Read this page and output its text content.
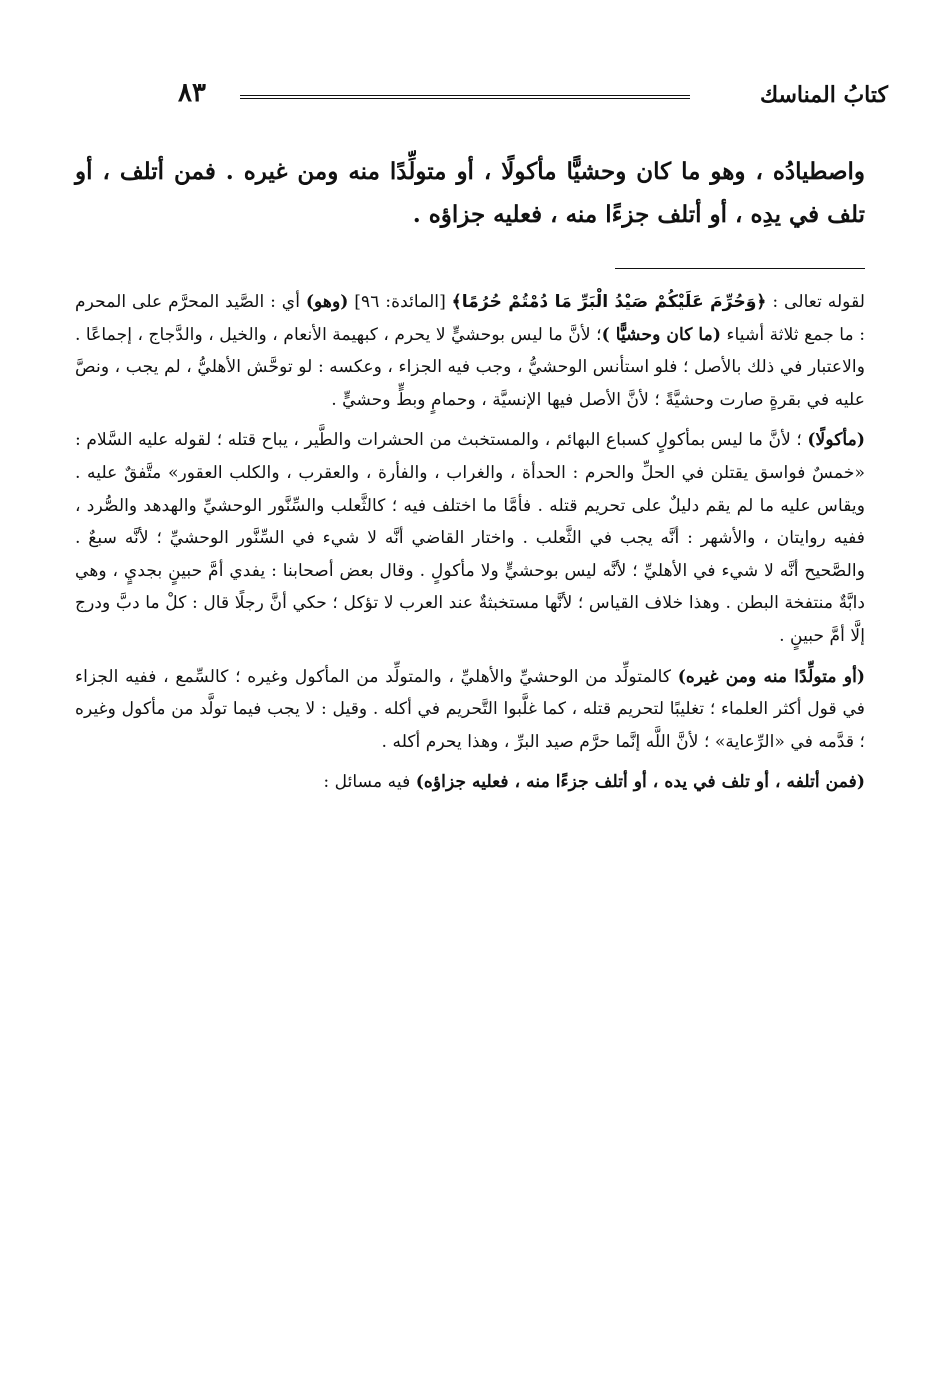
٨٣	كتابُ المناسك
واصطيادُه ، وهو ما كان وحشيًّا مأكولًا ، أو متولِّدًا منه ومن غيره . فمن أتلف ، أو تلف في يدِه ، أو أتلف جزءًا منه ، فعليه جزاؤه .

لقوله تعالى : ﴿وَحُرِّمَ عَلَيْكُمْ صَيْدُ الْبَرِّ مَا دُمْتُمْ حُرُمًا﴾ [المائدة: ٩٦] (وهو) أي : الصَّيد المحرَّم على المحرم : ما جمع ثلاثة أشياء (ما كان وحشيًّا )؛ لأنَّ ما ليس بوحشيٍّ لا يحرم ، كبهيمة الأنعام ، والخيل ، والدَّجاج ، إجماعًا . والاعتبار في ذلك بالأصل ؛ فلو استأنس الوحشيُّ ، وجب فيه الجزاء ، وعكسه : لو توحَّش الأهليُّ ، لم يجب ، ونصَّ عليه في بقرةٍ صارت وحشيَّةً ؛ لأنَّ الأصل فيها الإنسيَّة ، وحمامٍ وبطٍّ وحشيٍّ .

(مأكولًا) ؛ لأنَّ ما ليس بمأكولٍ كسباع البهائم ، والمستخبث من الحشرات والطَّير ، يباح قتله ؛ لقوله عليه السَّلام : «خمسٌ فواسق يقتلن في الحلِّ والحرم : الحدأة ، والغراب ، والفأرة ، والعقرب ، والكلب العقور» متَّفقٌ عليه . ويقاس عليه ما لم يقم دليلٌ على تحريم قتله . فأمَّا ما اختلف فيه ؛ كالثَّعلب والسِّنَّور الوحشيِّ والهدهد والصُّرد ، ففيه روايتان ، والأشهر : أنَّه يجب في الثَّعلب . واختار القاضي أنَّه لا شيء في السِّنَّور الوحشيِّ ؛ لأنَّه سبعٌ . والصَّحيح أنَّه لا شيء في الأهليِّ ؛ لأنَّه ليس بوحشيٍّ ولا مأكولٍ . وقال بعض أصحابنا : يفدي أمَّ حبينٍ بجديٍ ، وهي دابَّةٌ منتفخة البطن . وهذا خلاف القياس ؛ لأنَّها مستخبثةٌ عند العرب لا تؤكل ؛ حكي أنَّ رجلًا قال : كلْ ما دبَّ ودرج إلَّا أمَّ حبينٍ .

(أو متولِّدًا منه ومن غيره) كالمتولِّد من الوحشيِّ والأهليِّ ، والمتولِّد من المأكول وغيره ؛ كالسِّمع ، ففيه الجزاء في قول أكثر العلماء ؛ تغليبًا لتحريم قتله ، كما غلَّبوا التَّحريم في أكله . وقيل : لا يجب فيما تولَّد من مأكول وغيره ؛ قدَّمه في «الرِّعاية» ؛ لأنَّ اللَّه إنَّما حرَّم صيد البرِّ ، وهذا يحرم أكله .

(فمن أتلفه ، أو تلف في يده ، أو أتلف جزءًا منه ، فعليه جزاؤه) فيه مسائل :
